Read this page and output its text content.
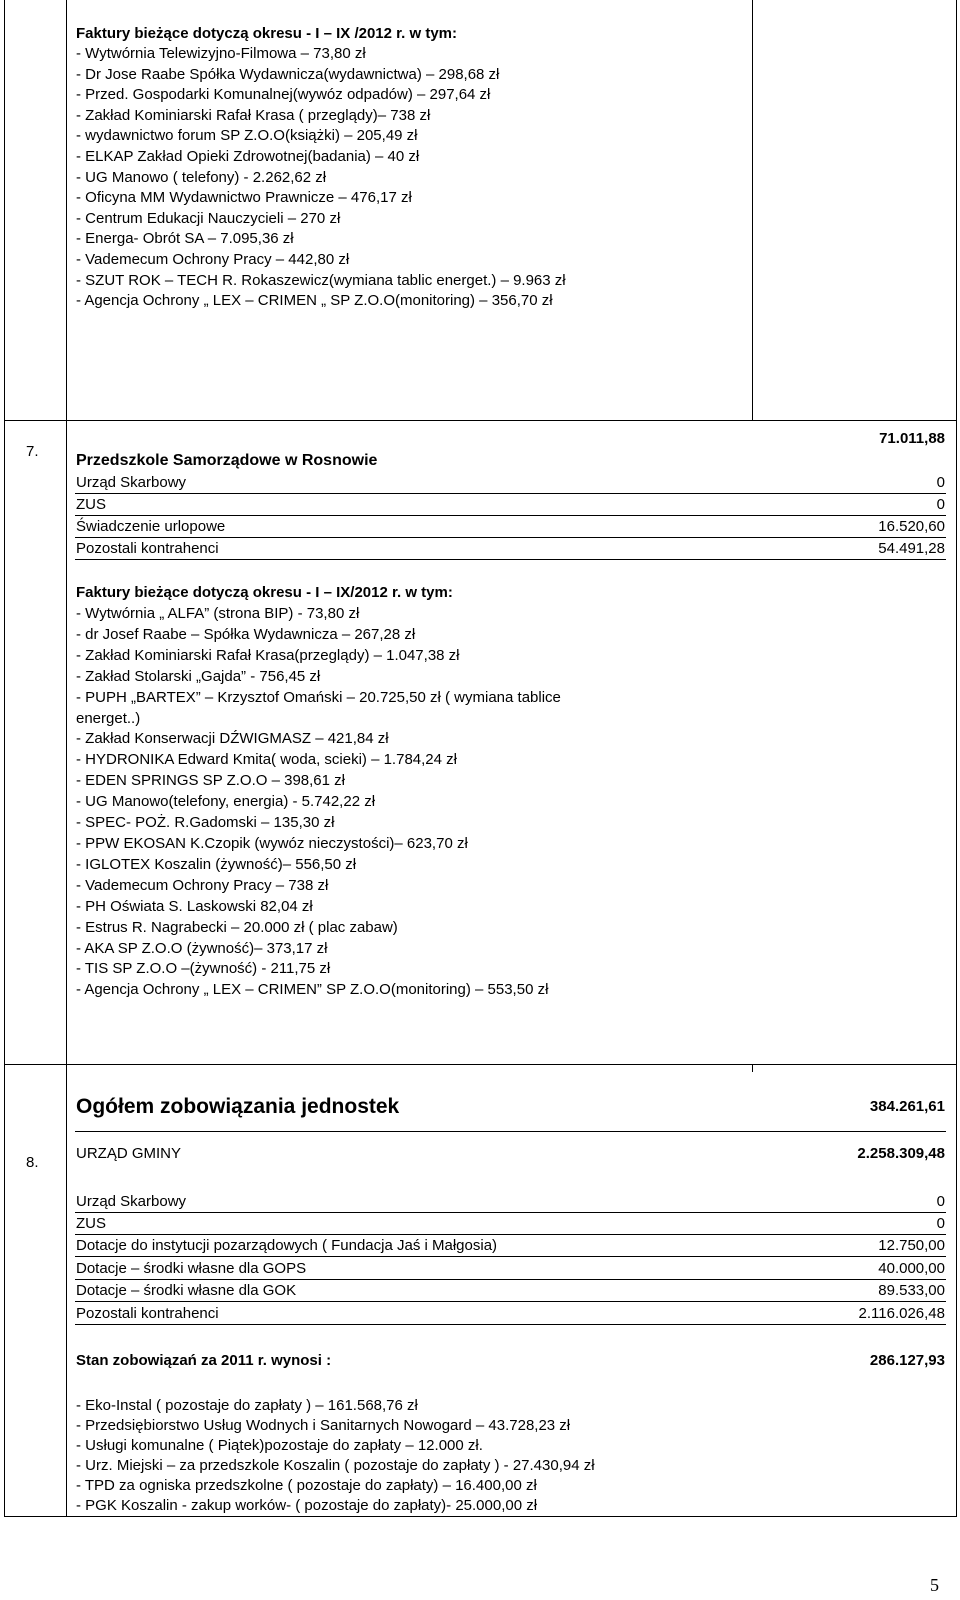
Faktury bieżące dotyczą okresu - I – IX /2012 r. w tym:
- Wytwórnia Telewizyjno-Filmowa – 73,80 zł
- Dr Jose Raabe Spółka Wydawnicza(wydawnictwa) – 298,68 zł
- Przed. Gospodarki Komunalnej(wywóz odpadów) – 297,64 zł
- Zakład Kominiarski Rafał Krasa ( przeglądy)– 738 zł
- wydawnictwo forum SP Z.O.O(książki) – 205,49 zł
- ELKAP Zakład Opieki Zdrowotnej(badania) – 40 zł
- UG Manowo ( telefony) - 2.262,62 zł
- Oficyna MM Wydawnictwo Prawnicze – 476,17 zł
- Centrum Edukacji Nauczycieli – 270 zł
- Energa- Obrót SA – 7.095,36 zł
- Vademecum Ochrony Pracy – 442,80 zł
- SZUT ROK – TECH R. Rokaszewicz(wymiana tablic energet.) – 9.963 zł
- Agencja Ochrony „ LEX – CRIMEN „ SP Z.O.O(monitoring) – 356,70 zł
7.
71.011,88
Przedszkole Samorządowe w Rosnowie
Urząd Skarbowy	0
ZUS	0
Świadczenie urlopowe	16.520,60
Pozostali kontrahenci	54.491,28
Faktury bieżące dotyczą okresu - I – IX/2012 r. w tym:
- Wytwórnia „ ALFA” (strona BIP) - 73,80 zł
- dr Josef Raabe – Spółka Wydawnicza – 267,28 zł
- Zakład Kominiarski Rafał Krasa(przeglądy) – 1.047,38 zł
- Zakład Stolarski „Gajda” - 756,45 zł
- PUPH „BARTEX” – Krzysztof Omański – 20.725,50 zł ( wymiana tablice
energet..)
- Zakład Konserwacji DŹWIGMASZ – 421,84 zł
- HYDRONIKA Edward Kmita( woda, scieki) – 1.784,24 zł
- EDEN SPRINGS SP Z.O.O – 398,61 zł
- UG Manowo(telefony, energia) - 5.742,22 zł
- SPEC- POŻ. R.Gadomski – 135,30 zł
- PPW EKOSAN K.Czopik (wywóz nieczystości)– 623,70 zł
- IGLOTEX Koszalin (żywność)– 556,50 zł
- Vademecum Ochrony Pracy – 738 zł
- PH Oświata S. Laskowski 82,04 zł
- Estrus R. Nagrabecki – 20.000 zł ( plac zabaw)
- AKA SP Z.O.O (żywność)– 373,17 zł
- TIS SP Z.O.O –(żywność) - 211,75 zł
- Agencja Ochrony „ LEX – CRIMEN” SP Z.O.O(monitoring) – 553,50 zł
8.
Ogółem zobowiązania jednostek	384.261,61
URZĄD GMINY	2.258.309,48
Urząd Skarbowy	0
ZUS	0
Dotacje do instytucji pozarządowych ( Fundacja Jaś i Małgosia)	12.750,00
Dotacje – środki własne dla GOPS	40.000,00
Dotacje – środki własne dla GOK	89.533,00
Pozostali kontrahenci	2.116.026,48
Stan zobowiązań za 2011 r. wynosi :	286.127,93
- Eko-Instal ( pozostaje do zapłaty ) – 161.568,76 zł
- Przedsiębiorstwo Usług Wodnych i Sanitarnych Nowogard – 43.728,23 zł
- Usługi komunalne ( Piątek)pozostaje do zapłaty – 12.000 zł.
- Urz. Miejski – za przedszkole Koszalin ( pozostaje do zapłaty ) - 27.430,94 zł
- TPD za ogniska przedszkolne ( pozostaje do zapłaty) – 16.400,00 zł
- PGK Koszalin - zakup worków- ( pozostaje do zapłaty)- 25.000,00 zł
5
